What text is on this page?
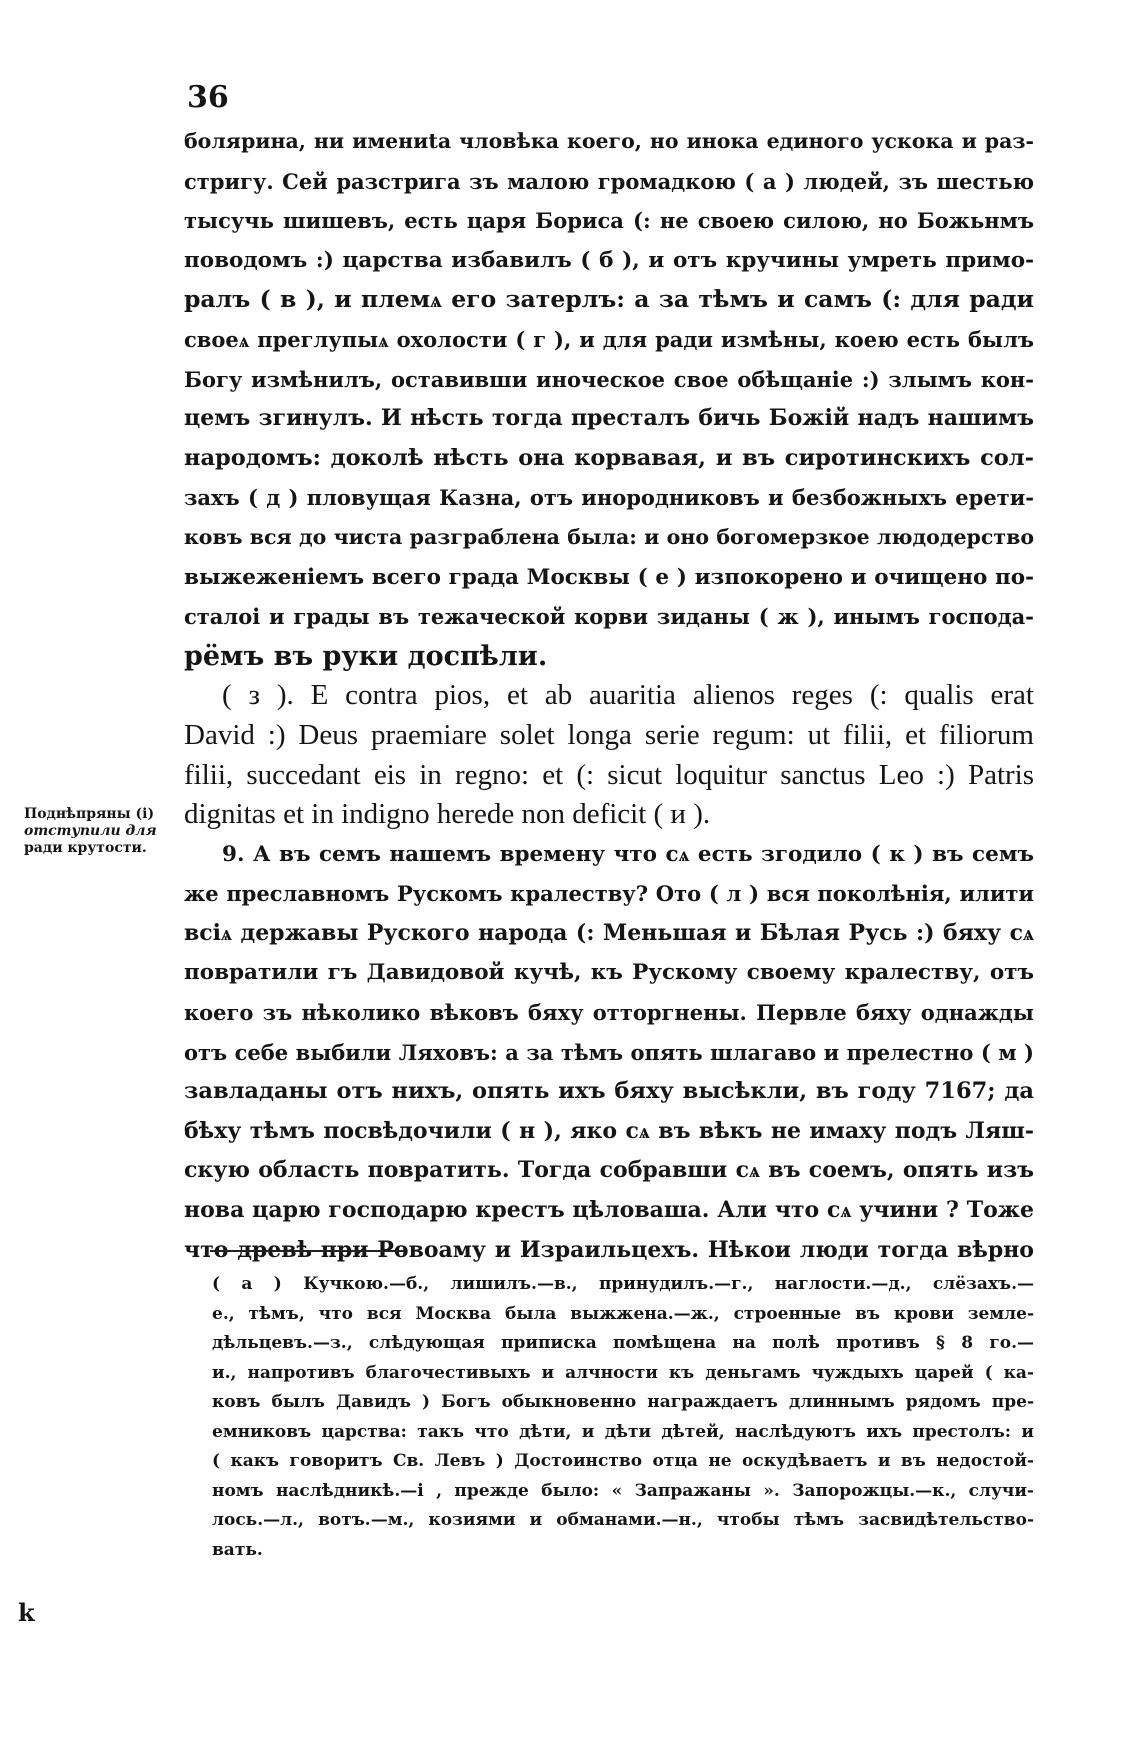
36
болярина, ни имениta чловѣка коего, но инока единого ускока и раз-
стригу. Сей разстрига зъ малою громадкою ( а ) людей, зъ шестью
тысучь шишевъ, есть царя Бориса (: не своею силою, но Божьнмъ
поводомъ :) царства избавилъ ( б ), и отъ кручины умреть примо-
ралъ ( в ), и племѧ его затерлъ: а за тѣмъ и самъ (: для ради
своеѧ преглупыѧ охолости ( г ), и для ради измѣны, коею есть былъ
Богу измѣнилъ, оставивши иноческое свое обѣщаніе :) злымъ кон-
цемъ згинулъ. И нѣсть тогда престалъ бичь Божій надъ нашимъ
народомъ: доколѣ нѣсть она корвавая, и въ сиротинскихъ сол-
захъ ( д ) пловущая Казна, отъ инородниковъ и безбожныхъ ерети-
ковъ вся до чиста разграблена была: и оно богомерзкое людодерство
выжеженіемъ всего града Москвы ( е ) изпокорено и очищено по-
сталоі и грады въ тежаческой корви зиданы ( ж ), инымъ господа-
рёмъ въ руки доспѣли.
( з ). E contra pios, et ab auaritia alienos reges (: qualis erat
David :) Deus praemiare solet longa serie regum: ut filii, et filiorum
filii, succedant eis in regno: et (: sicut loquitur sanctus Leo :) Patris
dignitas et in indigno herede non deficit ( и ).
9. А въ семъ нашемъ времену что сѧ есть згодило ( к ) въ семъ
же преславномъ Рускомъ кралеству? Ото ( л ) вся поколѣнія, илити
всіѧ державы Руского народа (: Меньшая и Бѣлая Русь :) бяху сѧ
повратили гъ Давидовой кучѣ, къ Рускому своему кралеству, отъ
коего зъ нѣколико вѣковъ бяху отторгнены. Первле бяху однажды
отъ себе выбили Ляховъ: а за тѣмъ опять шлагаво и прелестно ( м )
завладаны отъ нихъ, опять ихъ бяху высѣкли, въ году 7167; да
бѣху тѣмъ посвѣдочили ( н ), яко сѧ въ вѣкъ не имаху подъ Ляш-
скую область повратить. Тогда собравши сѧ въ соемъ, опять изъ
нова царю господарю крестъ цѣловаша. Али что сѧ учини ? Тоже
что древѣ при Ровоаму и Израильцехъ. Нѣкои люди тогда вѣрно
Поднѣпряны (і)
отступили для
ради крутости.
( а ) Кучкою.—б., лишилъ.—в., принудилъ.—г., наглости.—д., слёзахъ.—
е., тѣмъ, что вся Москва была выжжена.—ж., строенные въ крови земле-
дѣльцевъ.—з., слѣдующая приписка помѣщена на полѣ противъ § 8 го.—
и., напротивъ благочестивыхъ и алчности къ деньгамъ чуждыхъ царей ( ка-
ковъ былъ Давидъ ) Богъ обыкновенно награждаетъ длиннымъ рядомъ пре-
емниковъ царства: такъ что дѣти, и дѣти дѣтей, наслѣдуютъ ихъ престолъ: и
( какъ говоритъ Св. Левъ ) Достоинство отца не оскудѣваетъ и въ недостой-
номъ наслѣдникѣ.—і , прежде было: « Запражаны ». Запорожцы.—к., случи-
лось.—л., вотъ.—м., козиями и обманами.—н., чтобы тѣмъ засвидѣтельство-
вать.
k
